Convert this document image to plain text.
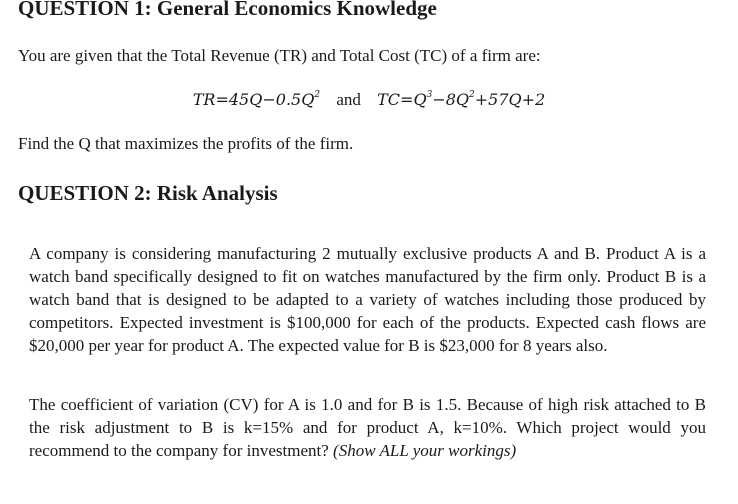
QUESTION 1: General Economics Knowledge

You are given that the Total Revenue (TR) and Total Cost (TC) of a firm are:

$TR=45Q-0.5Q^2$ and $TC=Q^3-8Q^2+57Q+2$

Find the Q that maximizes the profits of the firm.

QUESTION 2: Risk Analysis

A company is considering manufacturing 2 mutually exclusive products A and B. Product A is a watch band specifically designed to fit on watches manufactured by the firm only. Product B is a watch band that is designed to be adapted to a variety of watches including those produced by competitors. Expected investment is $100,000 for each of the products. Expected cash flows are $20,000 per year for product A. The expected value for B is $23,000 for 8 years also.

The coefficient of variation (CV) for A is 1.0 and for B is 1.5. Because of high risk attached to B the risk adjustment to B is k=15% and for product A, k=10%. Which project would you recommend to the company for investment? (Show ALL your workings)
